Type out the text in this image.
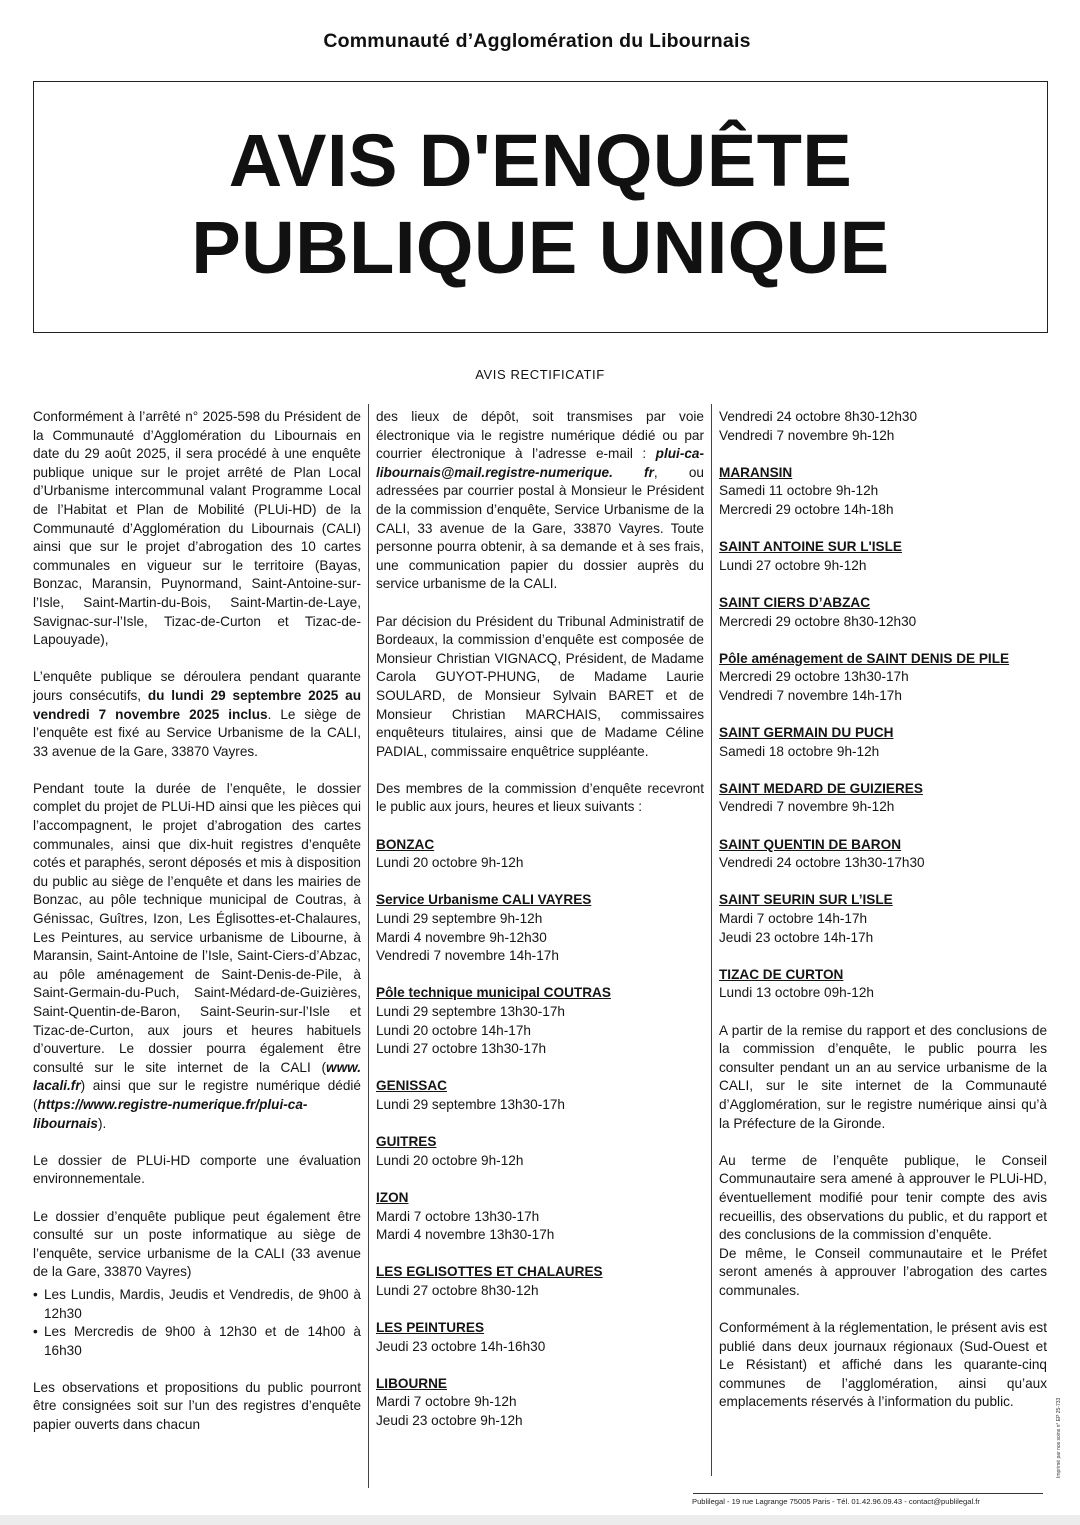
Communauté d’Agglomération du Libournais
AVIS D'ENQUÊTE
PUBLIQUE UNIQUE
AVIS RECTIFICATIF
Conformément à l’arrêté n° 2025-598 du Président de la Communauté d’Agglomération du Libournais en date du 29 août 2025, il sera procédé à une enquête publique unique sur le projet arrêté de Plan Local d’Urbanisme intercommunal valant Programme Local de l’Habitat et Plan de Mobilité (PLUi-HD) de la Communauté d’Agglomération du Libournais (CALI) ainsi que sur le projet d’abrogation des 10 cartes communales en vigueur sur le territoire (Bayas, Bonzac, Maransin, Puynormand, Saint-Antoine-sur-l’Isle, Saint-Martin-du-Bois, Saint-Martin-de-Laye, Savignac-sur-l’Isle, Tizac-de-Curton et Tizac-de-Lapouyade),
L’enquête publique se déroulera pendant quarante jours consécutifs, du lundi 29 septembre 2025 au vendredi 7 novembre 2025 inclus. Le siège de l’enquête est fixé au Service Urbanisme de la CALI, 33 avenue de la Gare, 33870 Vayres.
Pendant toute la durée de l’enquête, le dossier complet du projet de PLUi-HD ainsi que les pièces qui l’accompagnent, le projet d’abrogation des cartes communales, ainsi que dix-huit registres d’enquête cotés et paraphés, seront déposés et mis à disposition du public au siège de l’enquête et dans les mairies de Bonzac, au pôle technique municipal de Coutras, à Génissac, Guîtres, Izon, Les Églisottes-et-Chalaures, Les Peintures, au service urbanisme de Libourne, à Maransin, Saint-Antoine de l’Isle, Saint-Ciers-d’Abzac, au pôle aménagement de Saint-Denis-de-Pile, à Saint-Germain-du-Puch, Saint-Médard-de-Guizières, Saint-Quentin-de-Baron, Saint-Seurin-sur-l’Isle et Tizac-de-Curton, aux jours et heures habituels d’ouverture. Le dossier pourra également être consulté sur le site internet de la CALI (www. lacali.fr) ainsi que sur le registre numérique dédié (https://www.registre-numerique.fr/plui-ca-libournais).
Le dossier de PLUi-HD comporte une évaluation environnementale.
Le dossier d’enquête publique peut également être consulté sur un poste informatique au siège de l’enquête, service urbanisme de la CALI (33 avenue de la Gare, 33870 Vayres)
• Les Lundis, Mardis, Jeudis et Vendredis, de 9h00 à 12h30
• Les Mercredis de 9h00 à 12h30 et de 14h00 à 16h30
Les observations et propositions du public pourront être consignées soit sur l’un des registres d’enquête papier ouverts dans chacun
des lieux de dépôt, soit transmises par voie électronique via le registre numérique dédié ou par courrier électronique à l’adresse e-mail : plui-ca-libournais@mail.registre-numerique. fr, ou adressées par courrier postal à Monsieur le Président de la commission d’enquête, Service Urbanisme de la CALI, 33 avenue de la Gare, 33870 Vayres. Toute personne pourra obtenir, à sa demande et à ses frais, une communication papier du dossier auprès du service urbanisme de la CALI.
Par décision du Président du Tribunal Administratif de Bordeaux, la commission d’enquête est composée de Monsieur Christian VIGNACQ, Président, de Madame Carola GUYOT-PHUNG, de Madame Laurie SOULARD, de Monsieur Sylvain BARET et de Monsieur Christian MARCHAIS, commissaires enquêteurs titulaires, ainsi que de Madame Céline PADIAL, commissaire enquêtrice suppléante.
Des membres de la commission d’enquête recevront le public aux jours, heures et lieux suivants :
BONZAC
Lundi 20 octobre 9h-12h
Service Urbanisme CALI VAYRES
Lundi 29 septembre 9h-12h
Mardi 4 novembre 9h-12h30
Vendredi 7 novembre 14h-17h
Pôle technique municipal COUTRAS
Lundi 29 septembre 13h30-17h
Lundi 20 octobre 14h-17h
Lundi 27 octobre 13h30-17h
GENISSAC
Lundi 29 septembre 13h30-17h
GUITRES
Lundi 20 octobre 9h-12h
IZON
Mardi 7 octobre 13h30-17h
Mardi 4 novembre 13h30-17h
LES EGLISOTTES ET CHALAURES
Lundi 27 octobre 8h30-12h
LES PEINTURES
Jeudi 23 octobre 14h-16h30
LIBOURNE
Mardi 7 octobre 9h-12h
Jeudi 23 octobre 9h-12h
Vendredi 24 octobre 8h30-12h30
Vendredi 7 novembre 9h-12h
MARANSIN
Samedi 11 octobre 9h-12h
Mercredi 29 octobre 14h-18h
SAINT ANTOINE SUR L'ISLE
Lundi 27 octobre 9h-12h
SAINT CIERS D’ABZAC
Mercredi 29 octobre 8h30-12h30
Pôle aménagement de SAINT DENIS DE PILE
Mercredi 29 octobre 13h30-17h
Vendredi 7 novembre 14h-17h
SAINT GERMAIN DU PUCH
Samedi 18 octobre 9h-12h
SAINT MEDARD DE GUIZIERES
Vendredi 7 novembre 9h-12h
SAINT QUENTIN DE BARON
Vendredi 24 octobre 13h30-17h30
SAINT SEURIN SUR L’ISLE
Mardi 7 octobre 14h-17h
Jeudi 23 octobre 14h-17h
TIZAC DE CURTON
Lundi 13 octobre 09h-12h
A partir de la remise du rapport et des conclusions de la commission d’enquête, le public pourra les consulter pendant un an au service urbanisme de la CALI, sur le site internet de la Communauté d’Agglomération, sur le registre numérique ainsi qu’à la Préfecture de la Gironde.
Au terme de l’enquête publique, le Conseil Communautaire sera amené à approuver le PLUi-HD, éventuellement modifié pour tenir compte des avis recueillis, des observations du public, et du rapport et des conclusions de la commission d’enquête.
De même, le Conseil communautaire et le Préfet seront amenés à approuver l’abrogation des cartes communales.
Conformément à la réglementation, le présent avis est publié dans deux journaux régionaux (Sud-Ouest et Le Résistant) et affiché dans les quarante-cinq communes de l’agglomération, ainsi qu’aux emplacements réservés à l’information du public.
Publilegal - 19 rue Lagrange 75005 Paris - Tél. 01.42.96.09.43 - contact@publilegal.fr
Imprimé par nos soins n° EP 25-733
